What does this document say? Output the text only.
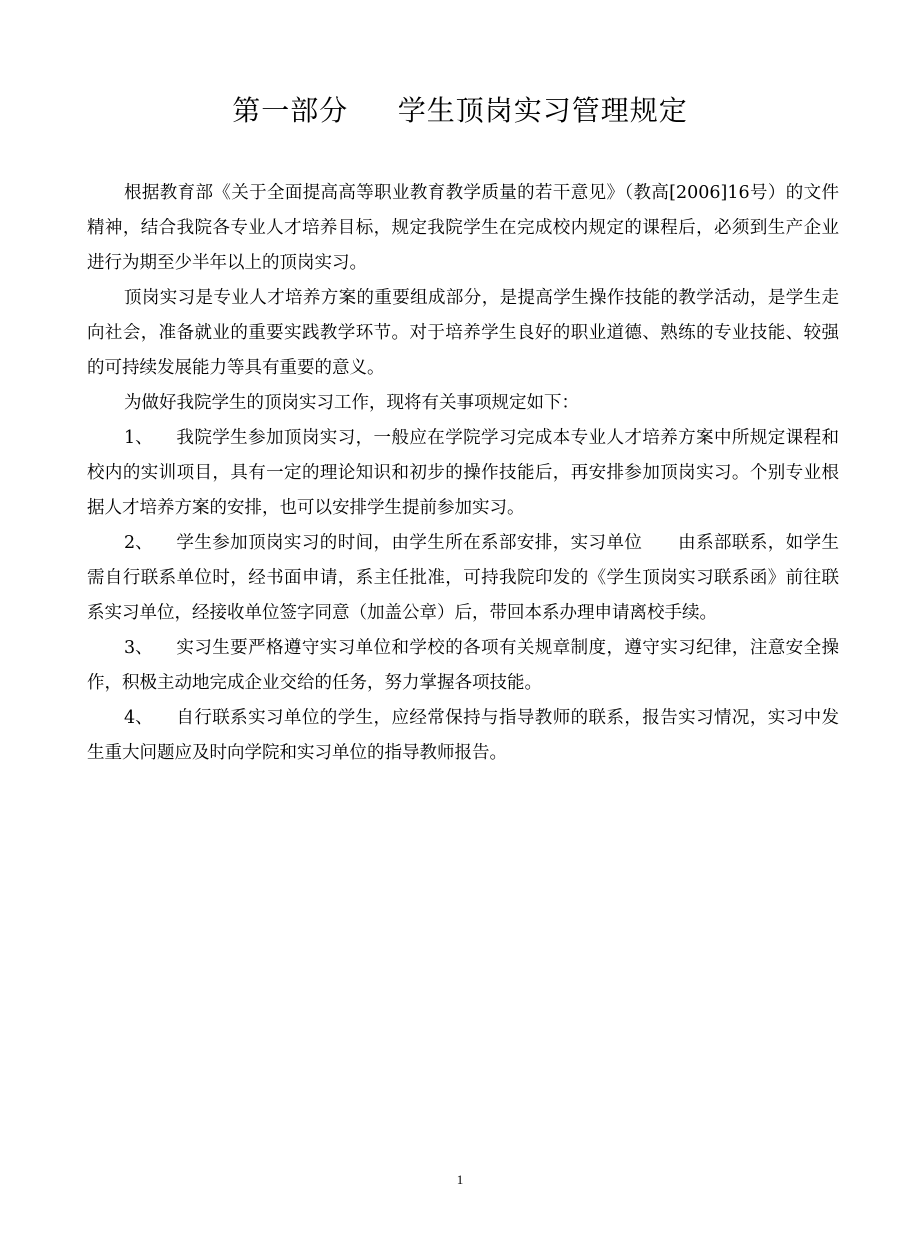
第一部分     学生顶岗实习管理规定

根据教育部《关于全面提高高等职业教育教学质量的若干意见》（教高[2006]16号）的文件精神，结合我院各专业人才培养目标，规定我院学生在完成校内规定的课程后，必须到生产企业进行为期至少半年以上的顶岗实习。

顶岗实习是专业人才培养方案的重要组成部分，是提高学生操作技能的教学活动，是学生走向社会，准备就业的重要实践教学环节。对于培养学生良好的职业道德、熟练的专业技能、较强的可持续发展能力等具有重要的意义。

为做好我院学生的顶岗实习工作，现将有关事项规定如下：

1、 我院学生参加顶岗实习，一般应在学院学习完成本专业人才培养方案中所规定课程和校内的实训项目，具有一定的理论知识和初步的操作技能后，再安排参加顶岗实习。个别专业根据人才培养方案的安排，也可以安排学生提前参加实习。

2、 学生参加顶岗实习的时间，由学生所在系部安排，实习单位　　由系部联系，如学生需自行联系单位时，经书面申请，系主任批准，可持我院印发的《学生顶岗实习联系函》前往联系实习单位，经接收单位签字同意（加盖公章）后，带回本系办理申请离校手续。

3、 实习生要严格遵守实习单位和学校的各项有关规章制度，遵守实习纪律，注意安全操作，积极主动地完成企业交给的任务，努力掌握各项技能。

4、 自行联系实习单位的学生，应经常保持与指导教师的联系，报告实习情况，实习中发生重大问题应及时向学院和实习单位的指导教师报告。

1
